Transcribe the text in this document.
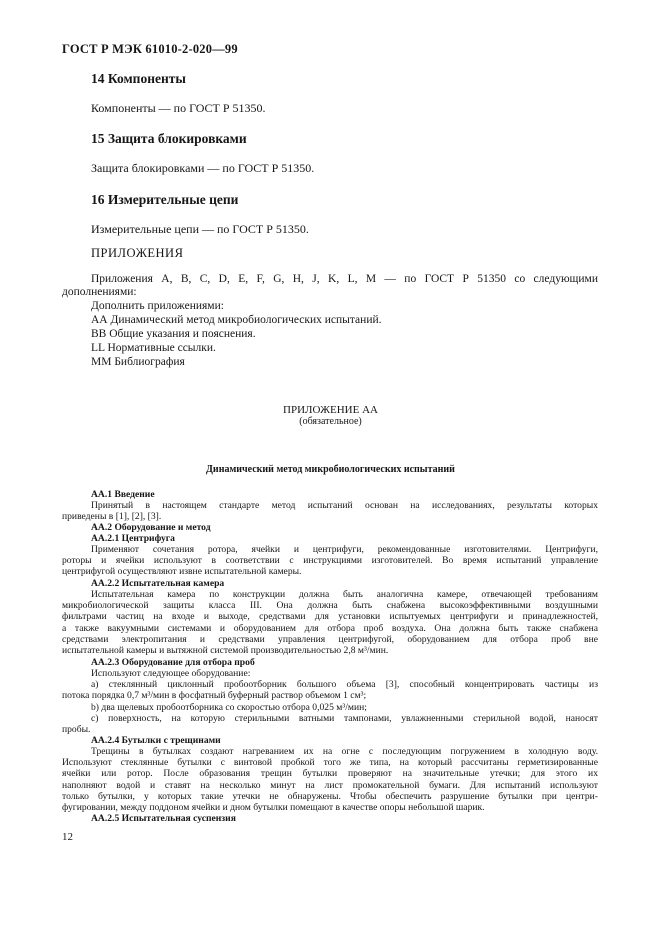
ГОСТ Р МЭК 61010-2-020—99
14 Компоненты
Компоненты — по ГОСТ Р 51350.
15 Защита блокировками
Защита блокировками — по ГОСТ Р 51350.
16 Измерительные цепи
Измерительные цепи — по ГОСТ Р 51350.
ПРИЛОЖЕНИЯ
Приложения А, В, С, D, Е, F, G, Н, J, K, L, М — по ГОСТ Р 51350 со следующими
дополнениями:
Дополнить приложениями:
АА Динамический метод микробиологических испытаний.
ВВ Общие указания и пояснения.
LL Нормативные ссылки.
ММ Библиография
ПРИЛОЖЕНИЕ АА
(обязательное)
Динамический метод микробиологических испытаний
АА.1 Введение
Принятый в настоящем стандарте метод испытаний основан на исследованиях, результаты которых
приведены в [1], [2], [3].
АА.2 Оборудование и метод
АА.2.1 Центрифуга
Применяют сочетания ротора, ячейки и центрифуги, рекомендованные изготовителями. Центрифуги,
роторы и ячейки используют в соответствии с инструкциями изготовителей. Во время испытаний управление
центрифугой осуществляют извне испытательной камеры.
АА.2.2 Испытательная камера
Испытательная камера по конструкции должна быть аналогична камере, отвечающей требованиям
микробиологической защиты класса III. Она должна быть снабжена высокоэффективными воздушными
фильтрами частиц на входе и выходе, средствами для установки испытуемых центрифуги и принадлежностей,
а также вакуумными системами и оборудованием для отбора проб воздуха. Она должна быть также снабжена
средствами электропитания и средствами управления центрифугой, оборудованием для отбора проб вне
испытательной камеры и вытяжной системой производительностью 2,8 м³/мин.
АА.2.3 Оборудование для отбора проб
Используют следующее оборудование:
а) стеклянный циклонный пробоотборник большого объема [3], способный концентрировать частицы из
потока порядка 0,7 м³/мин в фосфатный буферный раствор объемом 1 см³;
b) два щелевых пробоотборника со скоростью отбора 0,025 м³/мин;
с) поверхность, на которую стерильными ватными тампонами, увлажненными стерильной водой, наносят
пробы.
АА.2.4 Бутылки с трещинами
Трещины в бутылках создают нагреванием их на огне с последующим погружением в холодную воду.
Используют стеклянные бутылки с винтовой пробкой того же типа, на который рассчитаны герметизированные
ячейки или ротор. После образования трещин бутылки проверяют на значительные утечки; для этого их
наполняют водой и ставят на несколько минут на лист промокательной бумаги. Для испытаний используют
только бутылки, у которых такие утечки не обнаружены. Чтобы обеспечить разрушение бутылки при центри-
фугировании, между поддоном ячейки и дном бутылки помещают в качестве опоры небольшой шарик.
АА.2.5 Испытательная суспензия
12
